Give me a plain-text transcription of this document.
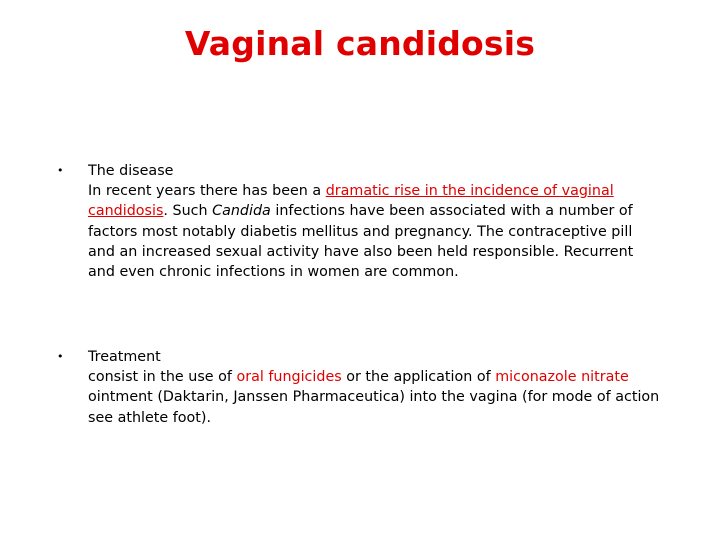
Vaginal candidosis
• The disease
In recent years there has been a dramatic rise in the incidence of vaginal candidosis. Such Candida infections have been associated with a number of factors most notably diabetis mellitus and pregnancy. The contraceptive pill and an increased sexual activity have also been held responsible. Recurrent and even chronic infections in women are common.
• Treatment
consist in the use of oral fungicides or the application of miconazole nitrate ointment (Daktarin, Janssen Pharmaceutica) into the vagina (for mode of action see athlete foot).
